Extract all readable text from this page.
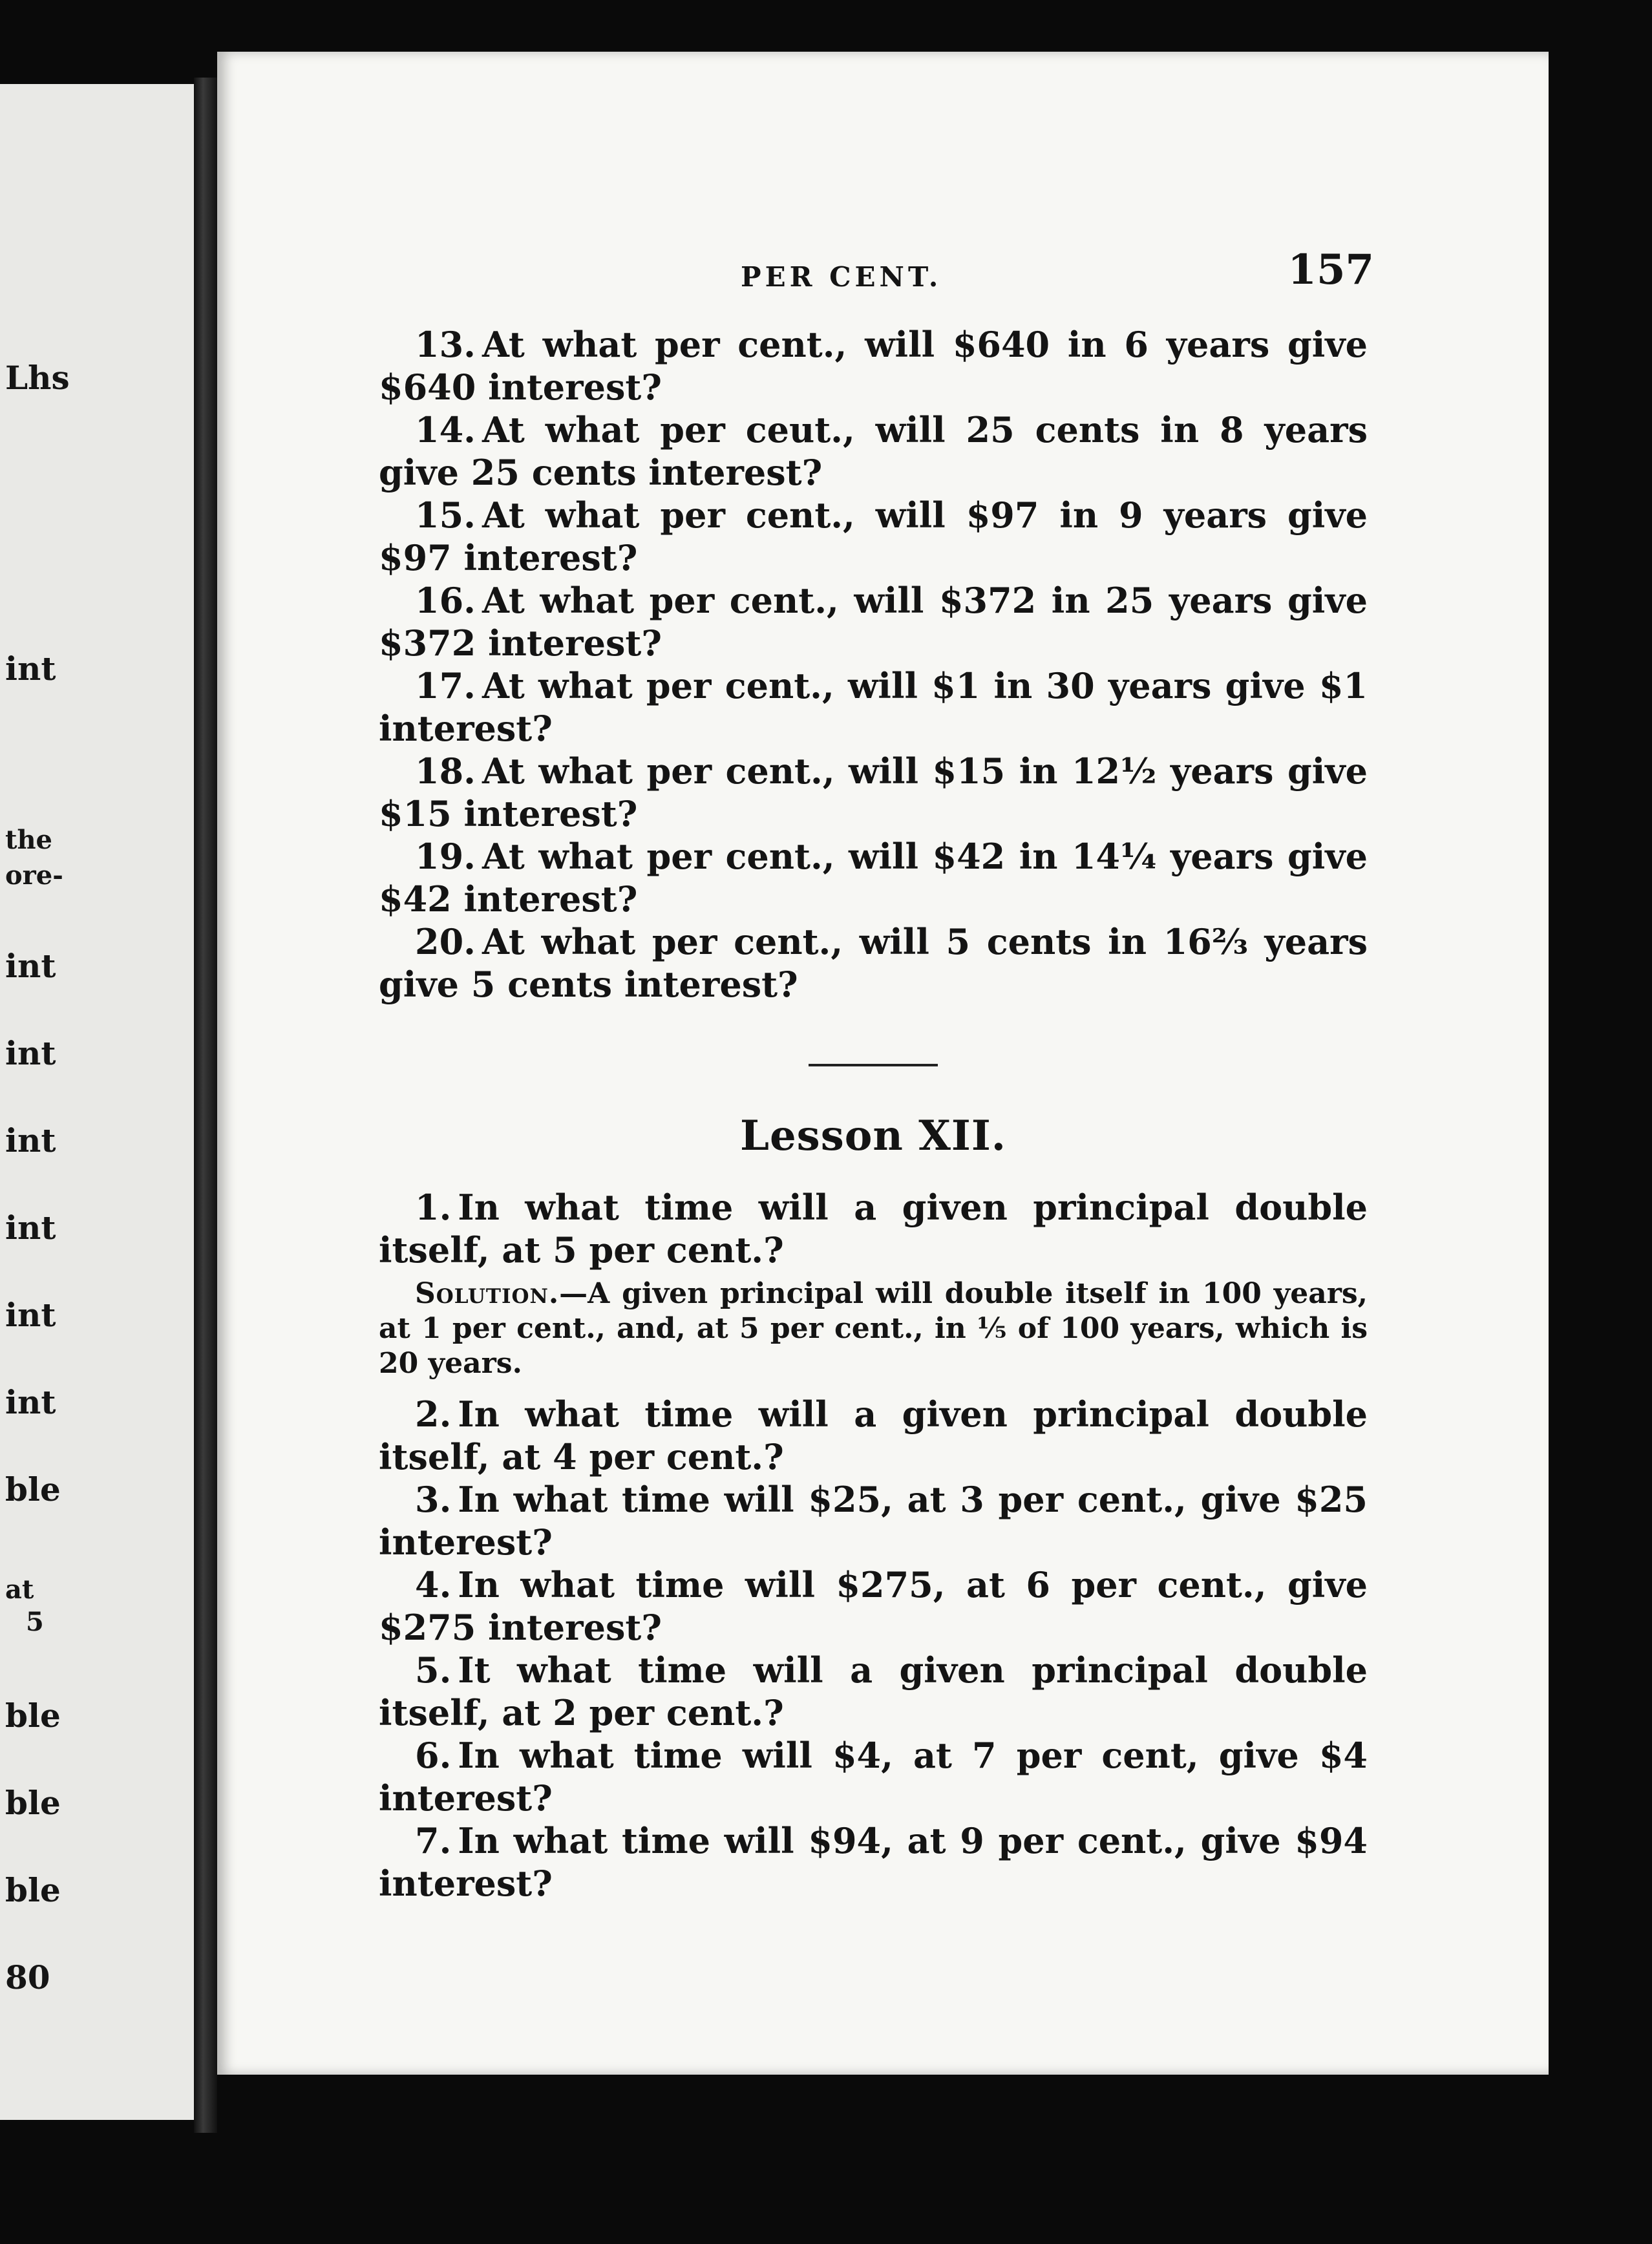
Lhs
int
the
ore-
int
int
int
int
int
int
ble
at
5
ble
ble
ble
80
PER CENT.	157

13. At what per cent., will $640 in 6 years give $640 interest?

14. At what per ceut., will 25 cents in 8 years give 25 cents interest?

15. At what per cent., will $97 in 9 years give $97 interest?

16. At what per cent., will $372 in 25 years give $372 interest?

17. At what per cent., will $1 in 30 years give $1 interest?

18. At what per cent., will $15 in 12½ years give $15 interest?

19. At what per cent., will $42 in 14¼ years give $42 interest?

20. At what per cent., will 5 cents in 16⅔ years give 5 cents interest?

Lesson XII.

1. In what time will a given principal double itself, at 5 per cent.?

Solution.—A given principal will double itself in 100 years, at 1 per cent., and, at 5 per cent., in ⅕ of 100 years, which is 20 years.

2. In what time will a given principal double itself, at 4 per cent.?

3. In what time will $25, at 3 per cent., give $25 interest?

4. In what time will $275, at 6 per cent., give $275 interest?

5. It what time will a given principal double itself, at 2 per cent.?

6. In what time will $4, at 7 per cent, give $4 interest?

7. In what time will $94, at 9 per cent., give $94 interest?
